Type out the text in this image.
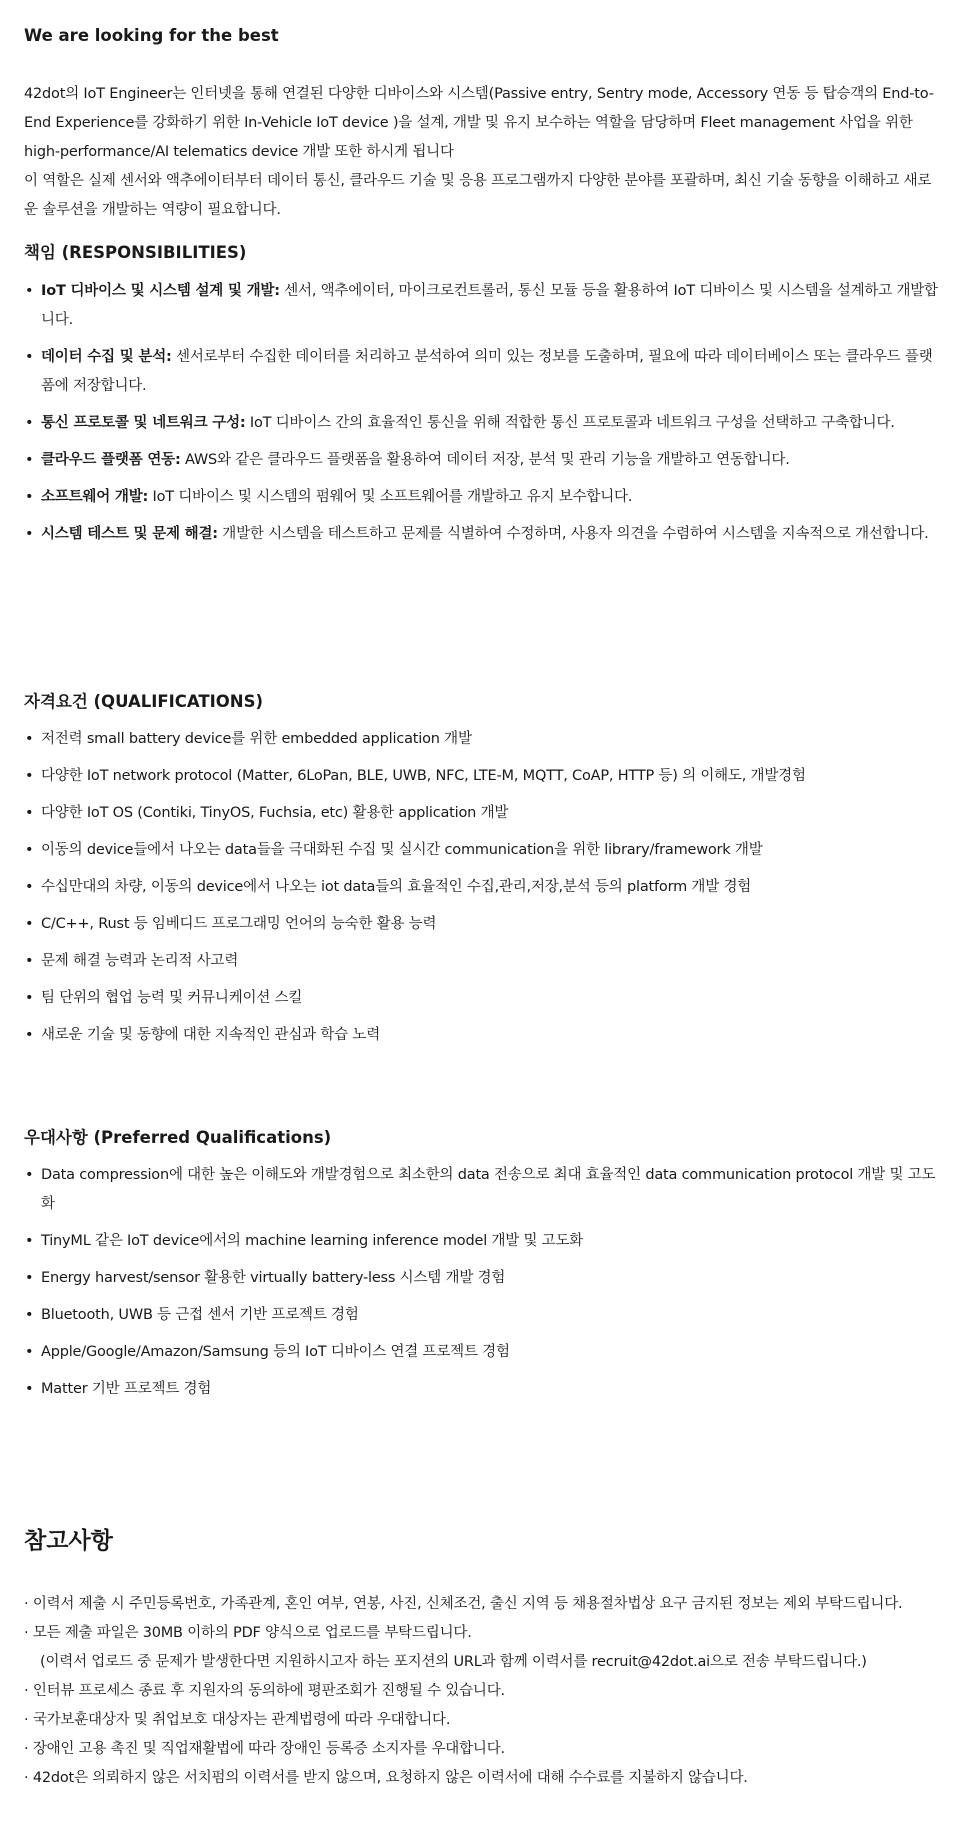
We are looking for the best

42dot의 IoT Engineer는 인터넷을 통해 연결된 다양한 디바이스와 시스템(Passive entry, Sentry mode, Accessory 연동 등 탑승객의 End-to-End Experience를 강화하기 위한 In-Vehicle IoT device )을 설계, 개발 및 유지 보수하는 역할을 담당하며 Fleet management 사업을 위한 high-performance/AI telematics device 개발 또한 하시게 됩니다

이 역할은 실제 센서와 액추에이터부터 데이터 통신, 클라우드 기술 및 응용 프로그램까지 다양한 분야를 포괄하며, 최신 기술 동향을 이해하고 새로운 솔루션을 개발하는 역량이 필요합니다.

책임 (RESPONSIBILITIES)
• IoT 디바이스 및 시스템 설계 및 개발: 센서, 액추에이터, 마이크로컨트롤러, 통신 모듈 등을 활용하여 IoT 디바이스 및 시스템을 설계하고 개발합니다.
• 데이터 수집 및 분석: 센서로부터 수집한 데이터를 처리하고 분석하여 의미 있는 정보를 도출하며, 필요에 따라 데이터베이스 또는 클라우드 플랫폼에 저장합니다.
• 통신 프로토콜 및 네트워크 구성: IoT 디바이스 간의 효율적인 통신을 위해 적합한 통신 프로토콜과 네트워크 구성을 선택하고 구축합니다.
• 클라우드 플랫폼 연동: AWS와 같은 클라우드 플랫폼을 활용하여 데이터 저장, 분석 및 관리 기능을 개발하고 연동합니다.
• 소프트웨어 개발: IoT 디바이스 및 시스템의 펌웨어 및 소프트웨어를 개발하고 유지 보수합니다.
• 시스템 테스트 및 문제 해결: 개발한 시스템을 테스트하고 문제를 식별하여 수정하며, 사용자 의견을 수렴하여 시스템을 지속적으로 개선합니다.
자격요건 (QUALIFICATIONS)
• 저전력 small battery device를 위한 embedded application 개발
• 다양한 IoT network protocol (Matter, 6LoPan, BLE, UWB, NFC, LTE-M, MQTT, CoAP, HTTP 등) 의 이해도, 개발경험
• 다양한 IoT OS (Contiki, TinyOS, Fuchsia, etc) 활용한 application 개발
• 이동의 device들에서 나오는 data들을 극대화된 수집 및 실시간 communication을 위한 library/framework 개발
• 수십만대의 차량, 이동의 device에서 나오는 iot data들의 효율적인 수집,관리,저장,분석 등의 platform 개발 경험
• C/C++, Rust 등 임베디드 프로그래밍 언어의 능숙한 활용 능력
• 문제 해결 능력과 논리적 사고력
• 팀 단위의 협업 능력 및 커뮤니케이션 스킬
• 새로운 기술 및 동향에 대한 지속적인 관심과 학습 노력
우대사항 (Preferred Qualifications)
• Data compression에 대한 높은 이해도와 개발경험으로 최소한의 data 전송으로 최대 효율적인 data communication protocol 개발 및 고도화
• TinyML 같은 IoT device에서의 machine learning inference model 개발 및 고도화
• Energy harvest/sensor 활용한 virtually battery-less 시스템 개발 경험
• Bluetooth, UWB 등 근접 센서 기반 프로젝트 경험
• Apple/Google/Amazon/Samsung 등의 IoT 디바이스 연결 프로젝트 경험
• Matter 기반 프로젝트 경험
참고사항
· 이력서 제출 시 주민등록번호, 가족관계, 혼인 여부, 연봉, 사진, 신체조건, 출신 지역 등 채용절차법상 요구 금지된 정보는 제외 부탁드립니다.
· 모든 제출 파일은 30MB 이하의 PDF 양식으로 업로드를 부탁드립니다.
(이력서 업로드 중 문제가 발생한다면 지원하시고자 하는 포지션의 URL과 함께 이력서를 recruit@42dot.ai으로 전송 부탁드립니다.)
· 인터뷰 프로세스 종료 후 지원자의 동의하에 평판조회가 진행될 수 있습니다.
· 국가보훈대상자 및 취업보호 대상자는 관계법령에 따라 우대합니다.
· 장애인 고용 촉진 및 직업재활법에 따라 장애인 등록증 소지자를 우대합니다.
· 42dot은 의뢰하지 않은 서치펌의 이력서를 받지 않으며, 요청하지 않은 이력서에 대해 수수료를 지불하지 않습니다.
